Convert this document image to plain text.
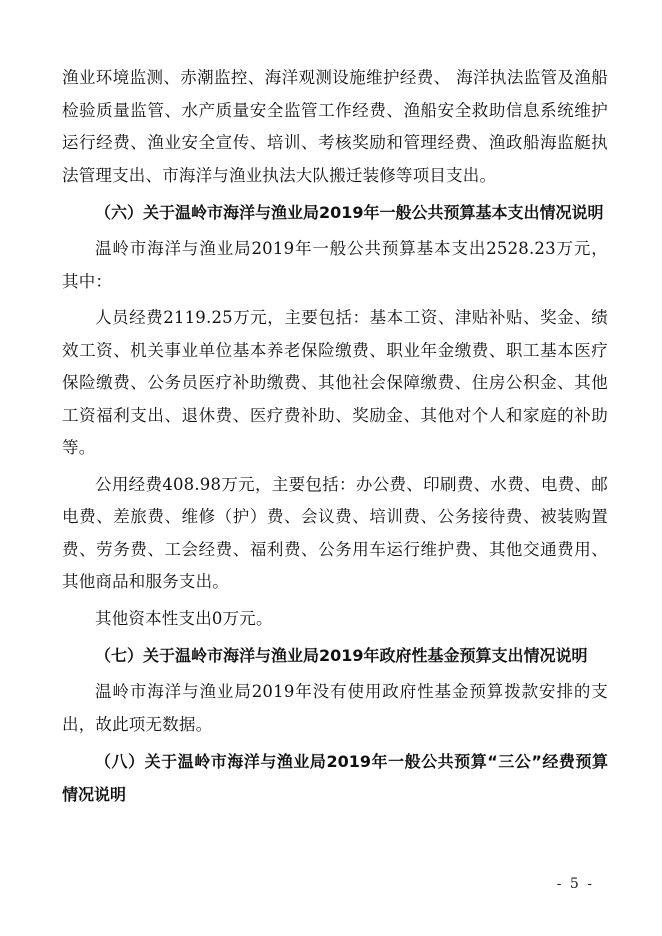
渔业环境监测、赤潮监控、海洋观测设施维护经费、 海洋执法监管及渔船检验质量监管、水产质量安全监管工作经费、渔船安全救助信息系统维护运行经费、渔业安全宣传、培训、考核奖励和管理经费、渔政船海监艇执法管理支出、市海洋与渔业执法大队搬迁装修等项目支出。

（六）关于温岭市海洋与渔业局2019年一般公共预算基本支出情况说明

温岭市海洋与渔业局2019年一般公共预算基本支出2528.23万元，其中：

人员经费2119.25万元，主要包括：基本工资、津贴补贴、奖金、绩效工资、机关事业单位基本养老保险缴费、职业年金缴费、职工基本医疗保险缴费、公务员医疗补助缴费、其他社会保障缴费、住房公积金、其他工资福利支出、退休费、医疗费补助、奖励金、其他对个人和家庭的补助等。

公用经费408.98万元，主要包括：办公费、印刷费、水费、电费、邮电费、差旅费、维修（护）费、会议费、培训费、公务接待费、被装购置费、劳务费、工会经费、福利费、公务用车运行维护费、其他交通费用、其他商品和服务支出。

其他资本性支出0万元。

（七）关于温岭市海洋与渔业局2019年政府性基金预算支出情况说明

温岭市海洋与渔业局2019年没有使用政府性基金预算拨款安排的支出，故此项无数据。

（八）关于温岭市海洋与渔业局2019年一般公共预算“三公”经费预算情况说明

- 5 -
